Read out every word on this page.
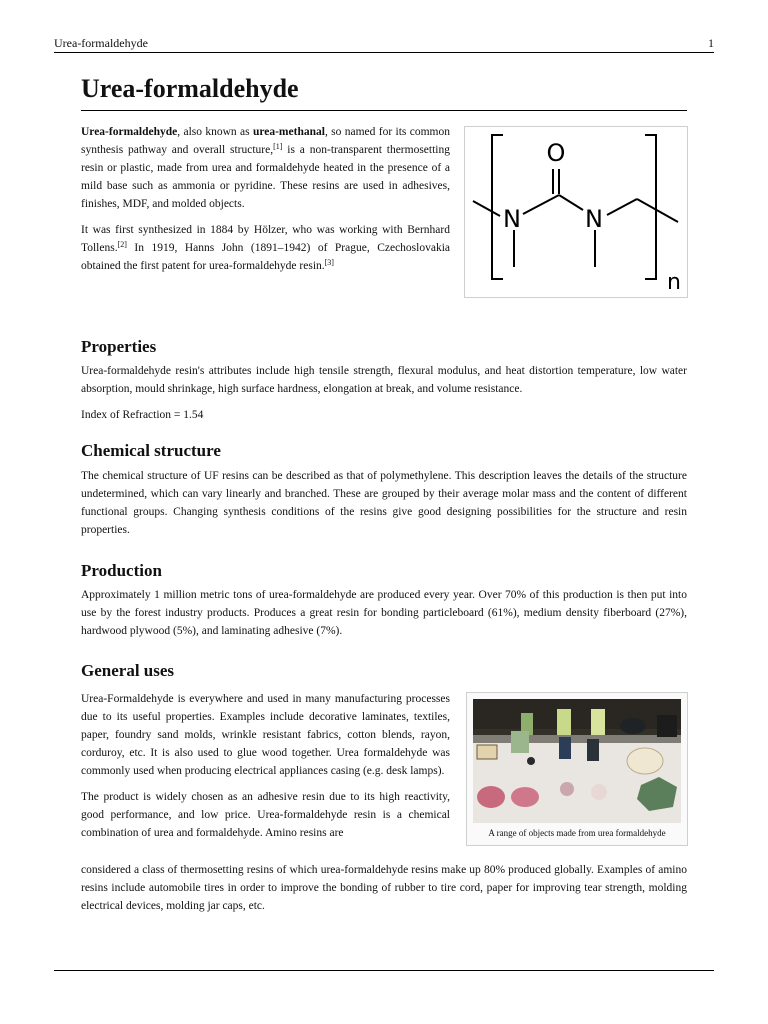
Urea-formaldehyde	1
Urea-formaldehyde

Urea-formaldehyde, also known as urea-methanal, so named for its common synthesis pathway and overall structure,[1] is a non-transparent thermosetting resin or plastic, made from urea and formaldehyde heated in the presence of a mild base such as ammonia or pyridine. These resins are used in adhesives, finishes, MDF, and molded objects.

It was first synthesized in 1884 by Hölzer, who was working with Bernhard Tollens.[2] In 1919, Hanns John (1891–1942) of Prague, Czechoslovakia obtained the first patent for urea-formaldehyde resin.[3]

O
N	N
n
Properties

Urea-formaldehyde resin's attributes include high tensile strength, flexural modulus, and heat distortion temperature, low water absorption, mould shrinkage, high surface hardness, elongation at break, and volume resistance.

Index of Refraction = 1.54

Chemical structure

The chemical structure of UF resins can be described as that of polymethylene. This description leaves the details of the structure undetermined, which can vary linearly and branched. These are grouped by their average molar mass and the content of different functional groups. Changing synthesis conditions of the resins give good designing possibilities for the structure and resin properties.

Production

Approximately 1 million metric tons of urea-formaldehyde are produced every year. Over 70% of this production is then put into use by the forest industry products. Produces a great resin for bonding particleboard (61%), medium density fiberboard (27%), hardwood plywood (5%), and laminating adhesive (7%).

General uses

Urea-Formaldehyde is everywhere and used in many manufacturing processes due to its useful properties. Examples include decorative laminates, textiles, paper, foundry sand molds, wrinkle resistant fabrics, cotton blends, rayon, corduroy, etc. It is also used to glue wood together. Urea formaldehyde was commonly used when producing electrical appliances casing (e.g. desk lamps).

The product is widely chosen as an adhesive resin due to its high reactivity, good performance, and low price. Urea-formaldehyde resin is a chemical combination of urea and formaldehyde. Amino resins are

considered a class of thermosetting resins of which urea-formaldehyde resins make up 80% produced globally. Examples of amino resins include automobile tires in order to improve the bonding of rubber to tire cord, paper for improving tear strength, molding electrical devices, molding jar caps, etc.

A range of objects made from urea formaldehyde
